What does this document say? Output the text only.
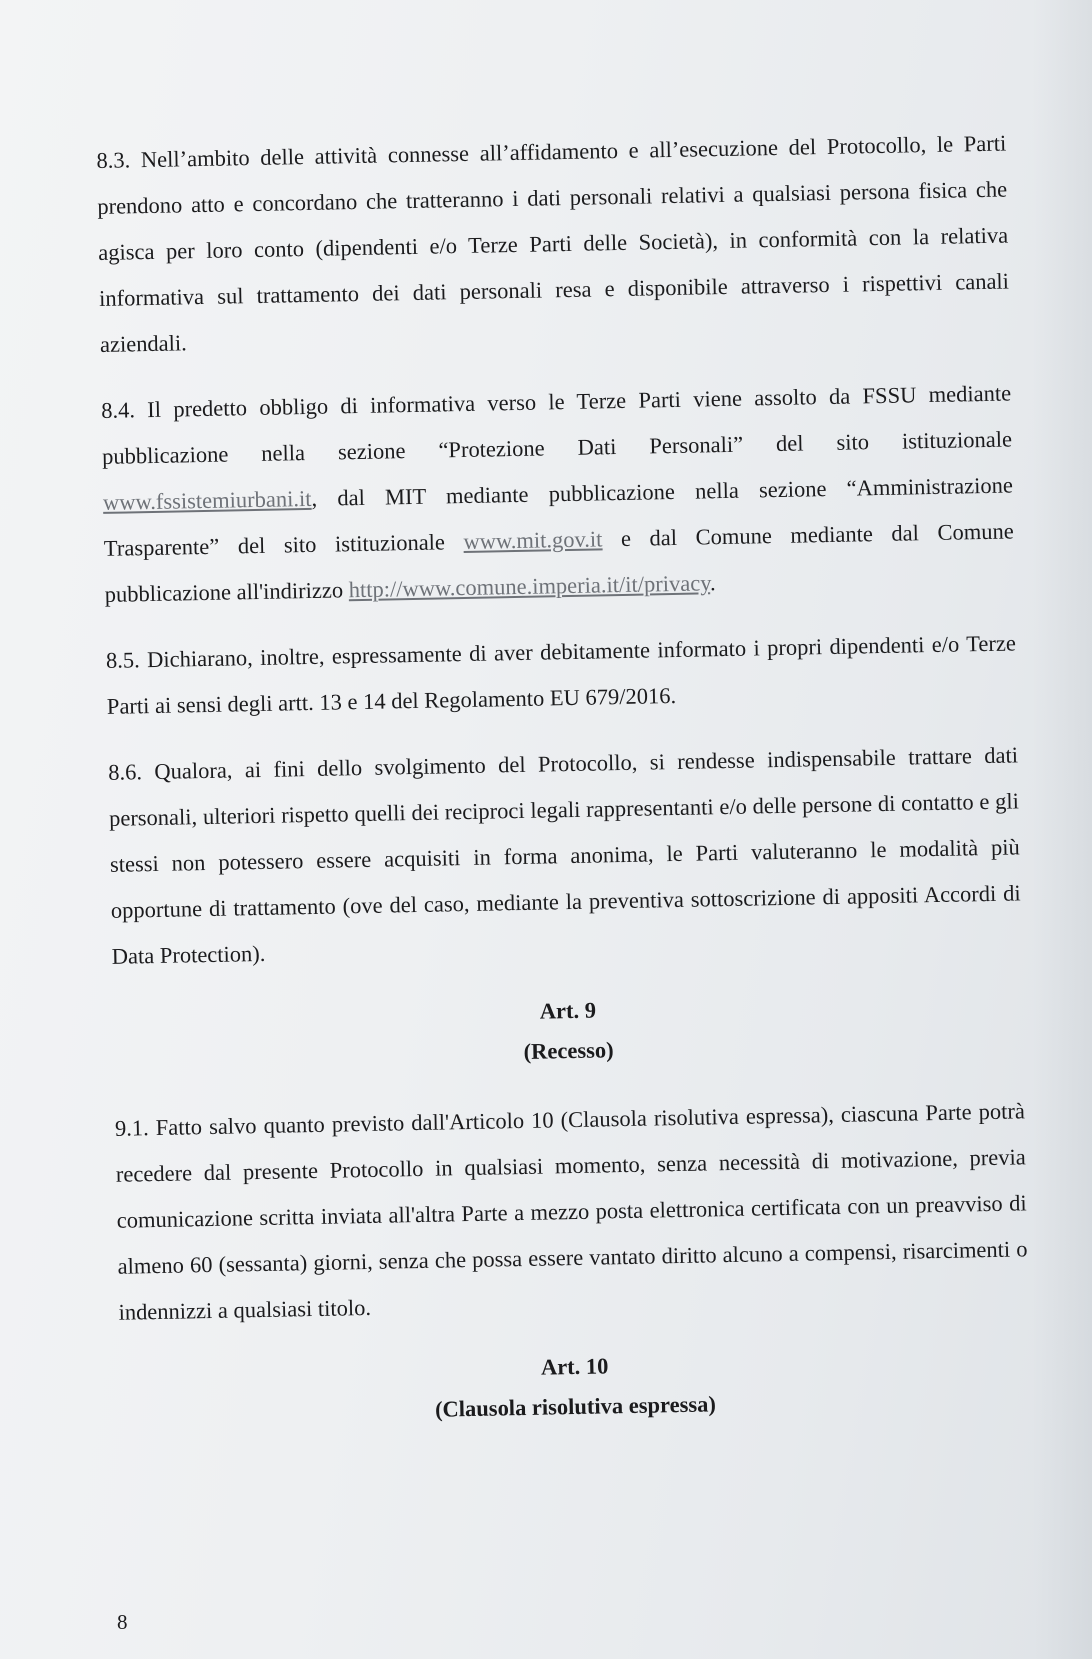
8.3. Nell’ambito delle attività connesse all’affidamento e all’esecuzione del Protocollo, le Parti prendono atto e concordano che tratteranno i dati personali relativi a qualsiasi persona fisica che agisca per loro conto (dipendenti e/o Terze Parti delle Società), in conformità con la relativa informativa sul trattamento dei dati personali resa e disponibile attraverso i rispettivi canali aziendali.

8.4. Il predetto obbligo di informativa verso le Terze Parti viene assolto da FSSU mediante pubblicazione nella sezione “Protezione Dati Personali” del sito istituzionale www.fssistemiurbani.it, dal MIT mediante pubblicazione nella sezione “Amministrazione Trasparente” del sito istituzionale www.mit.gov.it e dal Comune mediante dal Comune pubblicazione all'indirizzo http://www.comune.imperia.it/it/privacy.

8.5. Dichiarano, inoltre, espressamente di aver debitamente informato i propri dipendenti e/o Terze Parti ai sensi degli artt. 13 e 14 del Regolamento EU 679/2016.

8.6. Qualora, ai fini dello svolgimento del Protocollo, si rendesse indispensabile trattare dati personali, ulteriori rispetto quelli dei reciproci legali rappresentanti e/o delle persone di contatto e gli stessi non potessero essere acquisiti in forma anonima, le Parti valuteranno le modalità più opportune di trattamento (ove del caso, mediante la preventiva sottoscrizione di appositi Accordi di Data Protection).

Art. 9

(Recesso)

9.1. Fatto salvo quanto previsto dall'Articolo 10 (Clausola risolutiva espressa), ciascuna Parte potrà recedere dal presente Protocollo in qualsiasi momento, senza necessità di motivazione, previa comunicazione scritta inviata all'altra Parte a mezzo posta elettronica certificata con un preavviso di almeno 60 (sessanta) giorni, senza che possa essere vantato diritto alcuno a compensi, risarcimenti o indennizzi a qualsiasi titolo.

Art. 10

(Clausola risolutiva espressa)

8
